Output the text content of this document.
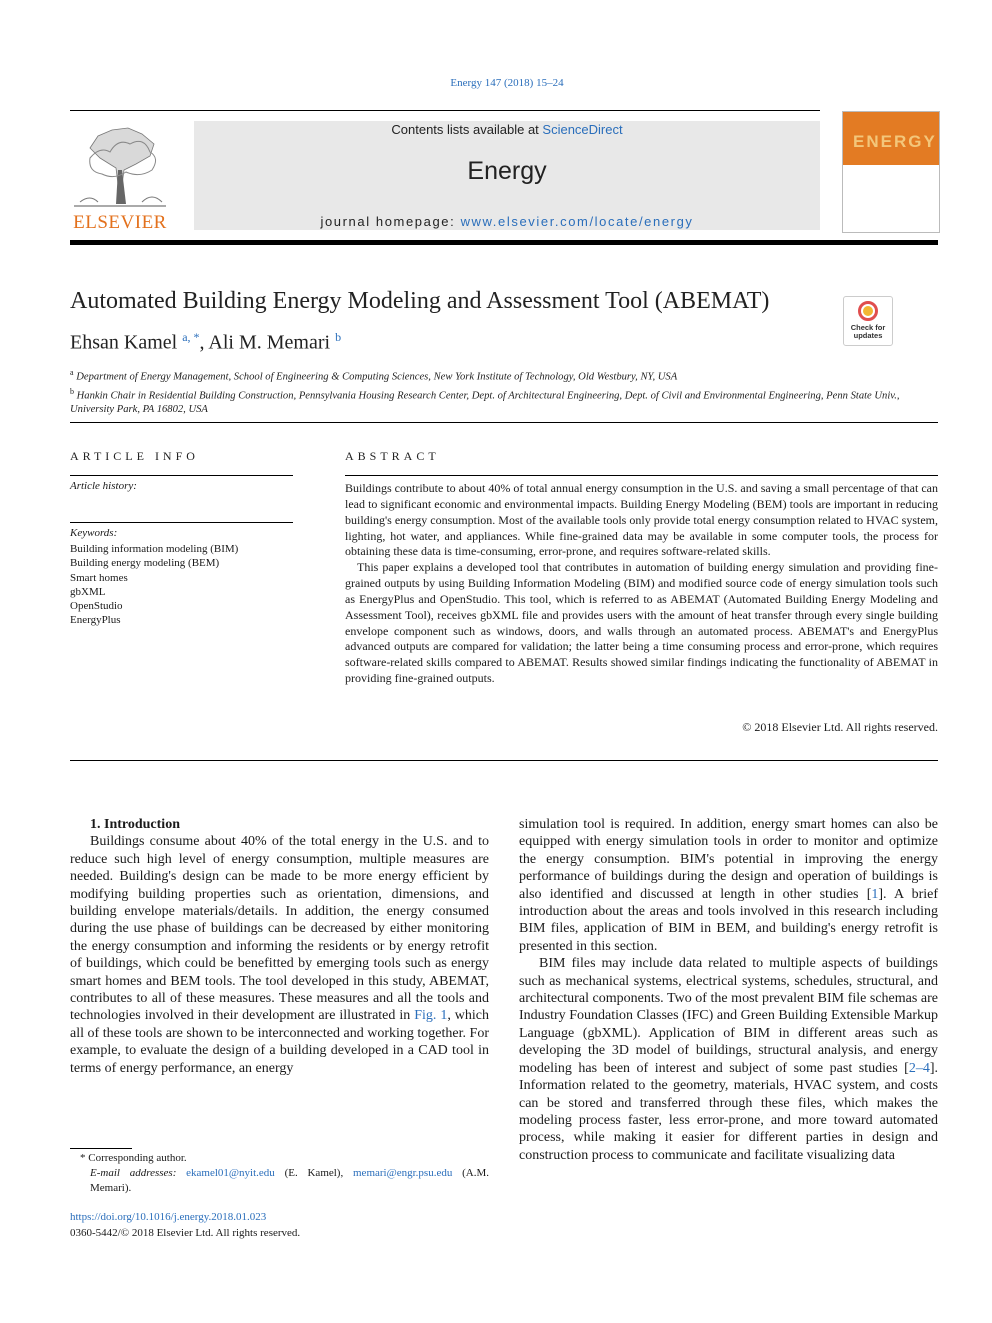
Energy 147 (2018) 15–24
ELSEVIER
Contents lists available at ScienceDirect
Energy
journal homepage: www.elsevier.com/locate/energy
ENERGY
Automated Building Energy Modeling and Assessment Tool (ABEMAT)
Check for updates
Ehsan Kamel $^{a, *}$, Ali M. Memari $^b$
$^a$ Department of Energy Management, School of Engineering & Computing Sciences, New York Institute of Technology, Old Westbury, NY, USA
$^b$ Hankin Chair in Residential Building Construction, Pennsylvania Housing Research Center, Dept. of Architectural Engineering, Dept. of Civil and Environmental Engineering, Penn State Univ., University Park, PA 16802, USA
ARTICLE INFO
Article history:
Keywords:
Building information modeling (BIM)
Building energy modeling (BEM)
Smart homes
gbXML
OpenStudio
EnergyPlus
ABSTRACT

Buildings contribute to about 40% of total annual energy consumption in the U.S. and saving a small percentage of that can lead to significant economic and environmental impacts. Building Energy Modeling (BEM) tools are important in reducing building's energy consumption. Most of the available tools only provide total energy consumption related to HVAC system, lighting, hot water, and appliances. While fine-grained data may be available in some computer tools, the process for obtaining these data is time-consuming, error-prone, and requires software-related skills.

This paper explains a developed tool that contributes in automation of building energy simulation and providing fine-grained outputs by using Building Information Modeling (BIM) and modified source code of energy simulation tools such as EnergyPlus and OpenStudio. This tool, which is referred to as ABEMAT (Automated Building Energy Modeling and Assessment Tool), receives gbXML file and provides users with the amount of heat transfer through every single building envelope component such as windows, doors, and walls through an automated process. ABEMAT's and EnergyPlus advanced outputs are compared for validation; the latter being a time consuming process and error-prone, which requires software-related skills compared to ABEMAT. Results showed similar findings indicating the functionality of ABEMAT in providing fine-grained outputs.

© 2018 Elsevier Ltd. All rights reserved.

1. Introduction

Buildings consume about 40% of the total energy in the U.S. and to reduce such high level of energy consumption, multiple measures are needed. Building's design can be made to be more energy efficient by modifying building properties such as orientation, dimensions, and building envelope materials/details. In addition, the energy consumed during the use phase of buildings can be decreased by either monitoring the energy consumption and informing the residents or by energy retrofit of buildings, which could be benefitted by emerging tools such as energy smart homes and BEM tools. The tool developed in this study, ABEMAT, contributes to all of these measures. These measures and all the tools and technologies involved in their development are illustrated in Fig. 1, which all of these tools are shown to be interconnected and working together. For example, to evaluate the design of a building developed in a CAD tool in terms of energy performance, an energy

simulation tool is required. In addition, energy smart homes can also be equipped with energy simulation tools in order to monitor and optimize the energy consumption. BIM's potential in improving the energy performance of buildings during the design and operation of buildings is also identified and discussed at length in other studies [1]. A brief introduction about the areas and tools involved in this research including BIM files, application of BIM in BEM, and building's energy retrofit is presented in this section.

BIM files may include data related to multiple aspects of buildings such as mechanical systems, electrical systems, schedules, structural, and architectural components. Two of the most prevalent BIM file schemas are Industry Foundation Classes (IFC) and Green Building Extensible Markup Language (gbXML). Application of BIM in different areas such as developing the 3D model of buildings, structural analysis, and energy modeling has been of interest and subject of some past studies [2–4]. Information related to the geometry, materials, HVAC system, and costs can be stored and transferred through these files, which makes the modeling process faster, less error-prone, and more toward automated process, while making it easier for different parties in design and construction process to communicate and facilitate visualizing data

* Corresponding author.
E-mail addresses: ekamel01@nyit.edu (E. Kamel), memari@engr.psu.edu (A.M. Memari).
https://doi.org/10.1016/j.energy.2018.01.023
0360-5442/© 2018 Elsevier Ltd. All rights reserved.
